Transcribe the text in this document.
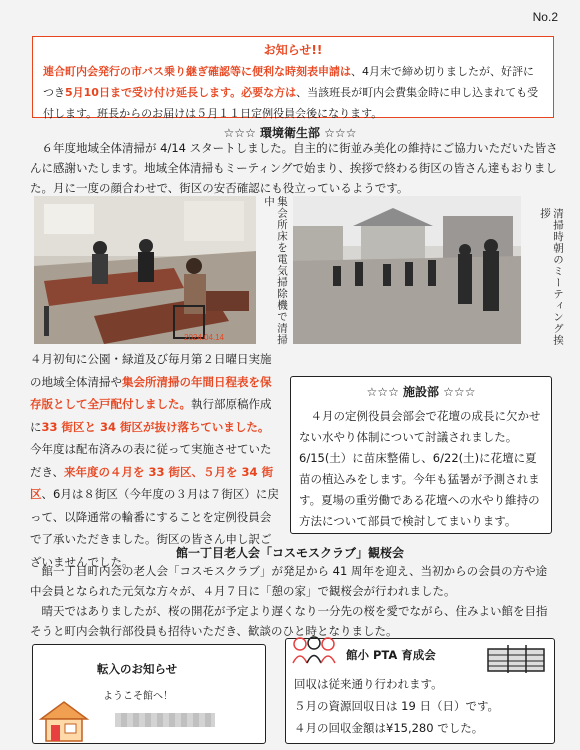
No.2
お知らせ!!
連合町内会発行の市バス乗り継ぎ確認等に便利な時刻表申請は、4月末で締め切りましたが、好評につき5月10日まで受け付け延長します。必要な方は、当該班長が町内会費集金時に申し込まれても受付します。班長からのお届けは５月１１日定例役員会後になります。
☆☆☆ 環境衛生部 ☆☆☆
６年度地域全体清掃が 4/14 スタートしました。自主的に街並み美化の維持にご協力いただいた皆さんに感謝いたします。地域全体清掃もミーティングで始まり、挨拶で終わる街区の皆さん達もおりました。月に一度の顔合わせで、街区の安否確認にも役立っているようです。
2024.04.14	集会所床を電気掃除機で清掃中
清掃時朝のミーティング挨拶
４月初旬に公園・緑道及び毎月第２日曜日実施の地域全体清掃や集会所清掃の年間日程表を保存版として全戸配付しました。執行部原稿作成に33 街区と 34 街区が抜け落ちていました。今年度は配布済みの表に従って実施させていただき、来年度の４月を 33 街区、５月を 34 街区、6月は８街区（今年度の３月は７街区）に戻って、以降通常の輪番にすることを定例役員会で了承いただきました。街区の皆さん申し訳ございませんでした。
☆☆☆ 施設部 ☆☆☆
４月の定例役員会部会で花壇の成長に欠かせない水やり体制について討議されました。6/15(土）に苗床整備し、6/22(土)に花壇に夏苗の植込みをします。今年も猛暑が予測されます。夏場の重労働である花壇への水やり維持の方法について部員で検討してまいります。
館一丁目老人会「コスモスクラブ」観桜会
館一丁目町内会の老人会「コスモスクラブ」が発足から 41 周年を迎え、当初からの会員の方や途中会員となられた元気な方々が、４月７日に「憩の家」で観桜会が行われました。
晴天ではありましたが、桜の開花が予定より遅くなり一分先の桜を愛でながら、住みよい館を目指そうと町内会執行部役員も招待いただき、歓談のひと時となりました。
転入のお知らせ
ようこそ館へ！
館小 PTA 育成会
回収は従来通り行われます。
５月の資源回収日は 19 日（日）です。
４月の回収金額は¥15,280 でした。
